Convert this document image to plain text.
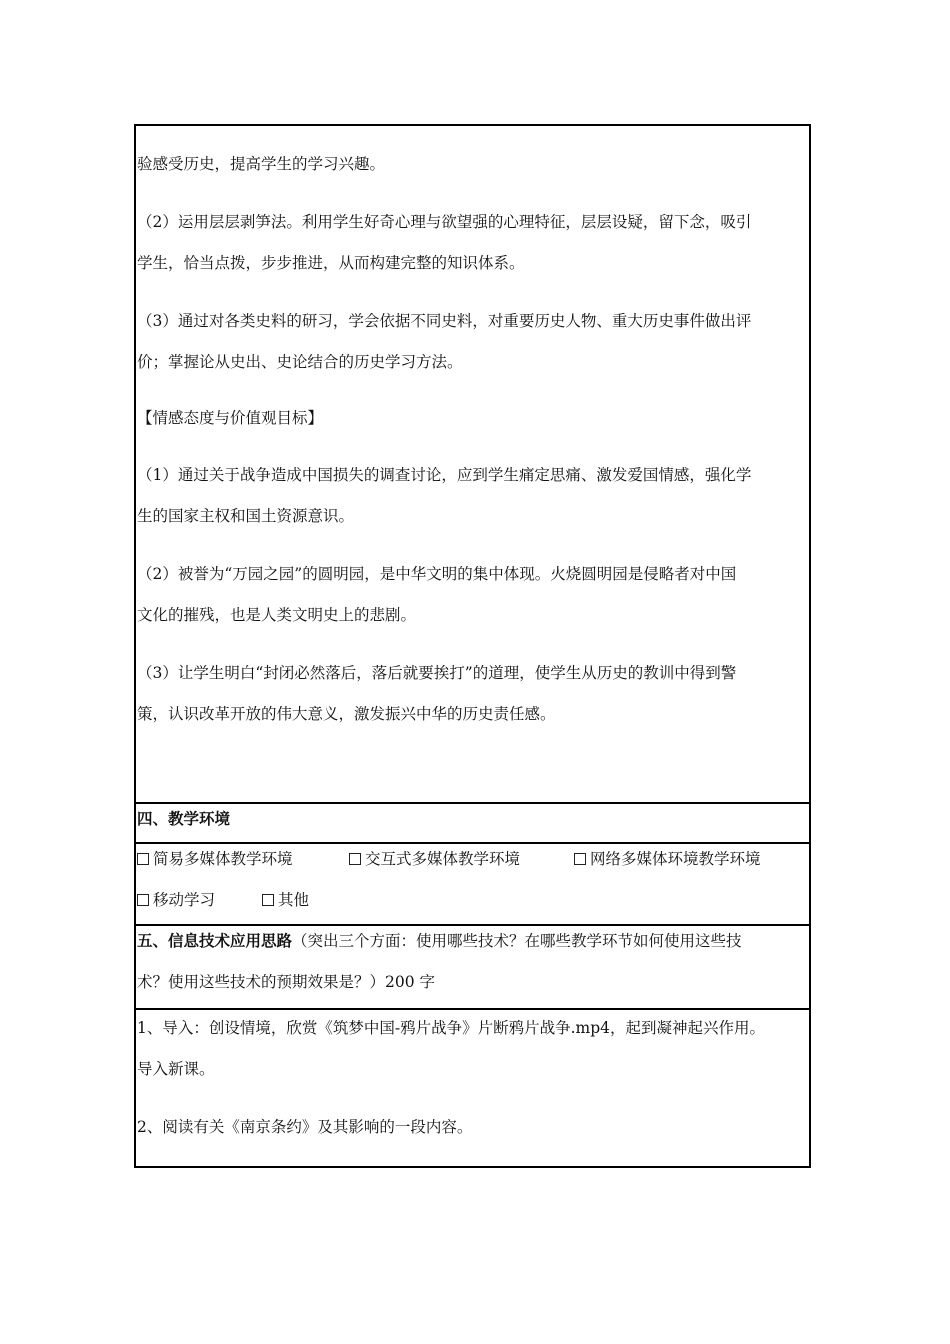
验感受历史，提高学生的学习兴趣。
（2）运用层层剥笋法。利用学生好奇心理与欲望强的心理特征，层层设疑，留下念，吸引
学生，恰当点拨，步步推进，从而构建完整的知识体系。
（3）通过对各类史料的研习，学会依据不同史料，对重要历史人物、重大历史事件做出评
价；掌握论从史出、史论结合的历史学习方法。
【情感态度与价值观目标】
（1）通过关于战争造成中国损失的调查讨论，应到学生痛定思痛、激发爱国情感，强化学
生的国家主权和国土资源意识。
（2）被誉为“万园之园”的圆明园，是中华文明的集中体现。火烧圆明园是侵略者对中国
文化的摧残，也是人类文明史上的悲剧。
（3）让学生明白“封闭必然落后，落后就要挨打”的道理，使学生从历史的教训中得到警
策，认识改革开放的伟大意义，激发振兴中华的历史责任感。
四、教学环境
简易多媒体教学环境	交互式多媒体教学环境	网络多媒体环境教学环境
移动学习	其他
五、信息技术应用思路（突出三个方面：使用哪些技术？在哪些教学环节如何使用这些技
术？使用这些技术的预期效果是？）200 字
1、导入：创设情境，欣赏《筑梦中国-鸦片战争》片断鸦片战争.mp4，起到凝神起兴作用。
导入新课。
2、阅读有关《南京条约》及其影响的一段内容。
